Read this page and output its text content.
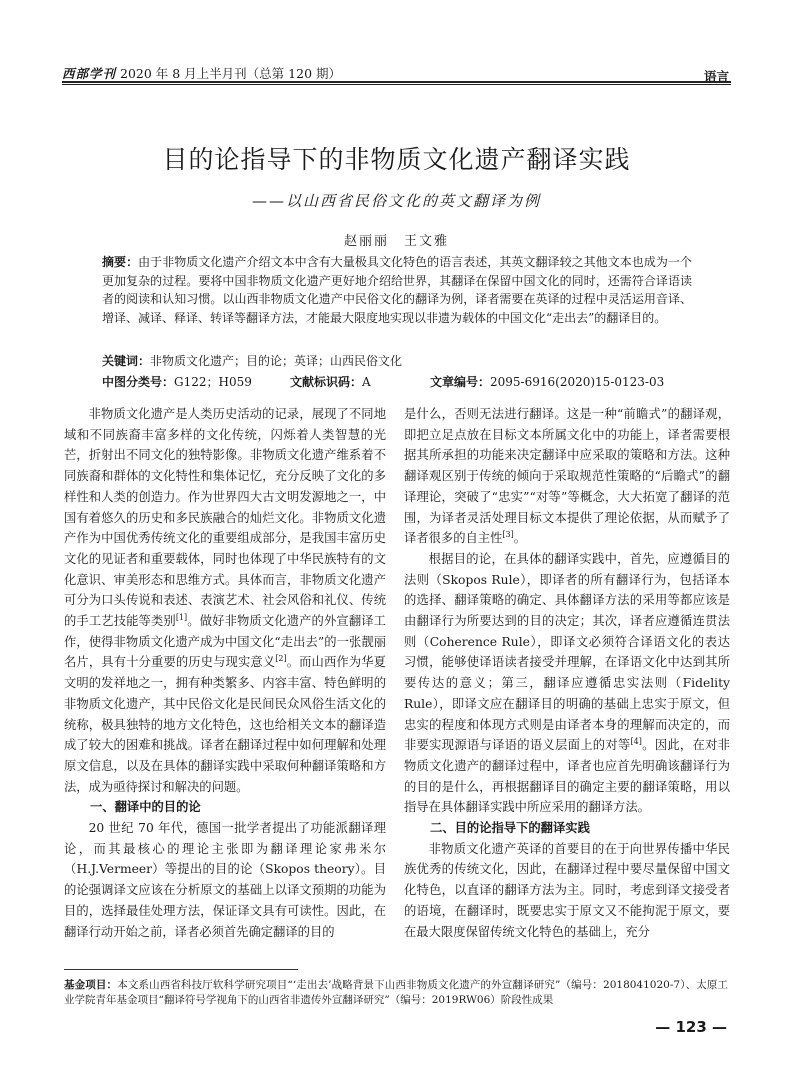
西部学刊 2020 年 8 月上半月刊（总第 120 期）	语言
目的论指导下的非物质文化遗产翻译实践
——以山西省民俗文化的英文翻译为例
赵丽丽　王文雅
摘要：由于非物质文化遗产介绍文本中含有大量极具文化特色的语言表述，其英文翻译较之其他文本也成为一个更加复杂的过程。要将中国非物质文化遗产更好地介绍给世界，其翻译在保留中国文化的同时，还需符合译语读者的阅读和认知习惯。以山西非物质文化遗产中民俗文化的翻译为例，译者需要在英译的过程中灵活运用音译、增译、减译、释译、转译等翻译方法，才能最大限度地实现以非遗为载体的中国文化“走出去”的翻译目的。
关键词：非物质文化遗产；目的论；英译；山西民俗文化
中图分类号：G122；H059	文献标识码：A	文章编号：2095-6916(2020)15-0123-03

非物质文化遗产是人类历史活动的记录，展现了不同地域和不同族裔丰富多样的文化传统，闪烁着人类智慧的光芒，折射出不同文化的独特影像。非物质文化遗产维系着不同族裔和群体的文化特性和集体记忆，充分反映了文化的多样性和人类的创造力。作为世界四大古文明发源地之一，中国有着悠久的历史和多民族融合的灿烂文化。非物质文化遗产作为中国优秀传统文化的重要组成部分，是我国丰富历史文化的见证者和重要载体，同时也体现了中华民族特有的文化意识、审美形态和思维方式。具体而言，非物质文化遗产可分为口头传说和表述、表演艺术、社会风俗和礼仪、传统的手工艺技能等类别[1]。做好非物质文化遗产的外宣翻译工作，使得非物质文化遗产成为中国文化“走出去”的一张靓丽名片，具有十分重要的历史与现实意义[2]。而山西作为华夏文明的发祥地之一，拥有种类繁多、内容丰富、特色鲜明的非物质文化遗产，其中民俗文化是民间民众风俗生活文化的统称，极具独特的地方文化特色，这也给相关文本的翻译造成了较大的困难和挑战。译者在翻译过程中如何理解和处理原文信息，以及在具体的翻译实践中采取何种翻译策略和方法，成为亟待探讨和解决的问题。

一、翻译中的目的论

20 世纪 70 年代，德国一批学者提出了功能派翻译理论，而其最核心的理论主张即为翻译理论家弗米尔（H.J.Vermeer）等提出的目的论（Skopos theory）。目的论强调译文应该在分析原文的基础上以译文预期的功能为目的，选择最佳处理方法，保证译文具有可读性。因此，在翻译行动开始之前，译者必须首先确定翻译的目的

是什么，否则无法进行翻译。这是一种“前瞻式”的翻译观，即把立足点放在目标文本所属文化中的功能上，译者需要根据其所承担的功能来决定翻译中应采取的策略和方法。这种翻译观区别于传统的倾向于采取规范性策略的“后瞻式”的翻译理论，突破了“忠实”“对等”等概念，大大拓宽了翻译的范围，为译者灵活处理目标文本提供了理论依据，从而赋予了译者很多的自主性[3]。

根据目的论，在具体的翻译实践中，首先，应遵循目的法则（Skopos Rule），即译者的所有翻译行为，包括译本的选择、翻译策略的确定、具体翻译方法的采用等都应该是由翻译行为所要达到的目的决定；其次，译者应遵循连贯法则（Coherence Rule），即译文必须符合译语文化的表达习惯，能够使译语读者接受并理解，在译语文化中达到其所要传达的意义；第三，翻译应遵循忠实法则（Fidelity Rule），即译文应在翻译目的明确的基础上忠实于原文，但忠实的程度和体现方式则是由译者本身的理解而决定的，而非要实现源语与译语的语义层面上的对等[4]。因此，在对非物质文化遗产的翻译过程中，译者也应首先明确该翻译行为的目的是什么，再根据翻译目的确定主要的翻译策略，用以指导在具体翻译实践中所应采用的翻译方法。

二、目的论指导下的翻译实践

非物质文化遗产英译的首要目的在于向世界传播中华民族优秀的传统文化，因此，在翻译过程中要尽量保留中国文化特色，以直译的翻译方法为主。同时，考虑到译文接受者的语境，在翻译时，既要忠实于原文又不能拘泥于原文，要在最大限度保留传统文化特色的基础上，充分

基金项目：本文系山西省科技厅软科学研究项目“‘走出去’战略背景下山西非物质文化遗产的外宣翻译研究”（编号：2018041020-7）、太原工业学院青年基金项目“翻译符号学视角下的山西省非遗传外宣翻译研究”（编号：2019RW06）阶段性成果
— 123 —
